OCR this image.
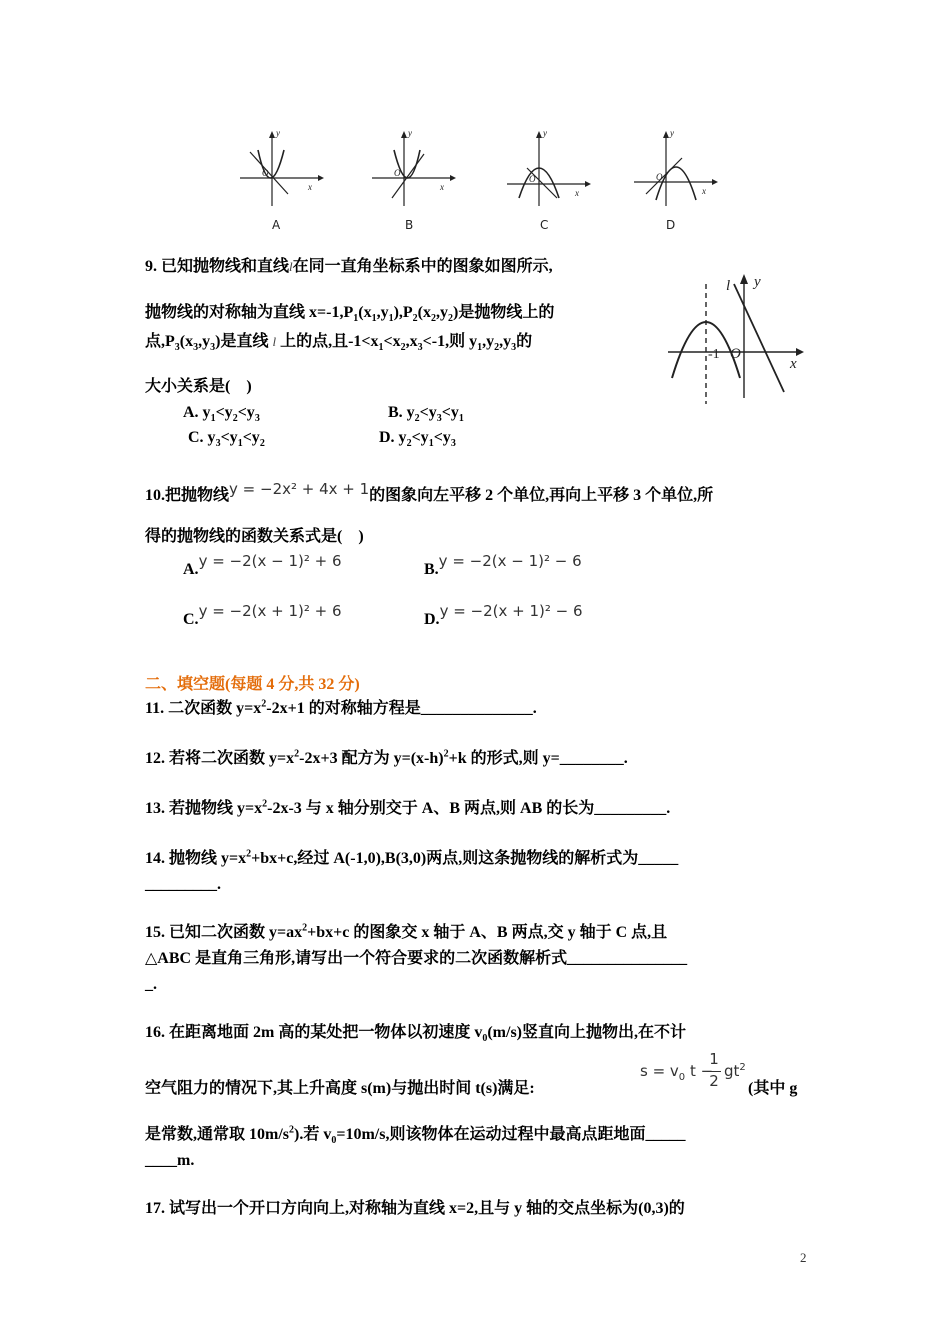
y
x
O
A
y
x
O
B
y
x
O
C
y
x
O
D
9. 已知抛物线和直线l在同一直角坐标系中的图象如图所示,
抛物线的对称轴为直线 $x=-1,P_1(x_1,y_1),P_2(x_2,y_2)$是抛物线上的
点$,P_3(x_3,y_3)$是直线 l 上的点,且$-1<x_1<x_2,x_3<-1$,则 $y_1,y_2,y_3$的
大小关系是(　)
l y
x
-1 O
A. $y_1<y_2<y_3$	B. $y_2<y_3<y_1$
C. $y_3<y_1<y_2$	D. $y_2<y_1<y_3$
10.把抛物线y = −2x² + 4x + 1的图象向左平移 2 个单位,再向上平移 3 个单位,所
得的抛物线的函数关系式是(　)
A.y = −2(x − 1)² + 6	B.y = −2(x − 1)² − 6
C.y = −2(x + 1)² + 6	D.y = −2(x + 1)² − 6
二、填空题(每题 4 分,共 32 分)
11. 二次函数 $y=x^2-2x+1$ 的对称轴方程是______________.
12. 若将二次函数 $y=x^2-2x+3$ 配方为 $y=(x-h)^2+k$ 的形式,则 y=________.
13. 若抛物线 $y=x^2-2x-3$ 与 x 轴分别交于 A、B 两点,则 AB 的长为_________.
14. 抛物线 $y=x^2+bx+c$,经过 A(-1,0),B(3,0)两点,则这条抛物线的解析式为_____
_________.
15. 已知二次函数 $y=ax^2+bx+c$ 的图象交 x 轴于 A、B 两点,交 y 轴于 C 点,且
△ABC 是直角三角形,请写出一个符合要求的二次函数解析式_______________
_.
16. 在距离地面 2m 高的某处把一物体以初速度 $v_0(m/s)$竖直向上抛物出,在不计
空气阻力的情况下,其上升高度 s(m)与抛出时间 t(s)满足:
$s = v_0$ t −
1
2
$gt^2$
(其中 g
是常数,通常取 $10m/s^2$).若 $v_0=10m/s$,则该物体在运动过程中最高点距地面_____
____m.
17. 试写出一个开口方向向上,对称轴为直线 x=2,且与 y 轴的交点坐标为(0,3)的
2
